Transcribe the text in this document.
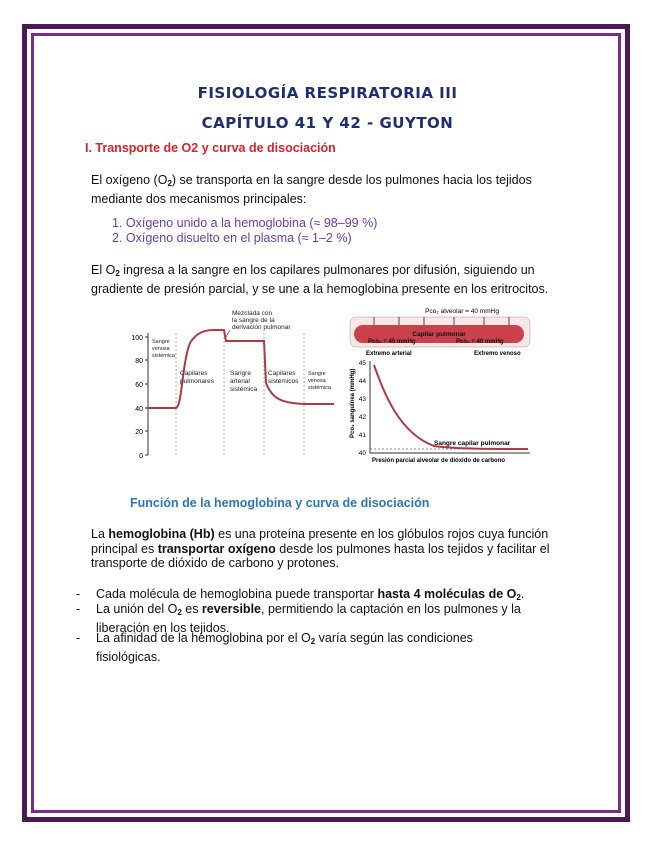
FISIOLOGÍA RESPIRATORIA III
CAPÍTULO 41 Y 42 - GUYTON
I. Transporte de O2 y curva de disociación
El oxígeno $(O_2)$ se transporta en la sangre desde los pulmones hacia los tejidos
mediante dos mecanismos principales:
1. Oxígeno unido a la hemoglobina (≈ 98–99 %)
2. Oxígeno disuelto en el plasma (≈ 1–2 %)
El $O_2$ ingresa a la sangre en los capilares pulmonares por difusión, siguiendo un
gradiente de presión parcial, y se une a la hemoglobina presente en los eritrocitos.
100
80
60
40
20
0
Sangre venosa sistémica
Capilares pulmonares
Sangre arterial sistémica
Capilares sistémicos
Sangre venosa sistémica
Mezclada con la sangre de la derivación pulmonar
Pco₂ alveolar = 40 mmHg
Capilar pulmonar
Pco₂ = 45 mmHg	Pco₂ = 40 mmHg
Extremo arterial	Extremo venoso
45
44
43
42
41
40
Pco₂ sanguínea (mmHg)
Sangre capilar pulmonar
Presión parcial alveolar de dióxido de carbono
Función de la hemoglobina y curva de disociación
La hemoglobina (Hb) es una proteína presente en los glóbulos rojos cuya función
principal es transportar oxígeno desde los pulmones hasta los tejidos y facilitar el
transporte de dióxido de carbono y protones.
- Cada molécula de hemoglobina puede transportar hasta 4 moléculas de $O_2$.
- La unión del $O_2$ es reversible, permitiendo la captación en los pulmones y la
liberación en los tejidos.
- La afinidad de la hemoglobina por el $O_2$ varía según las condiciones
fisiológicas.
